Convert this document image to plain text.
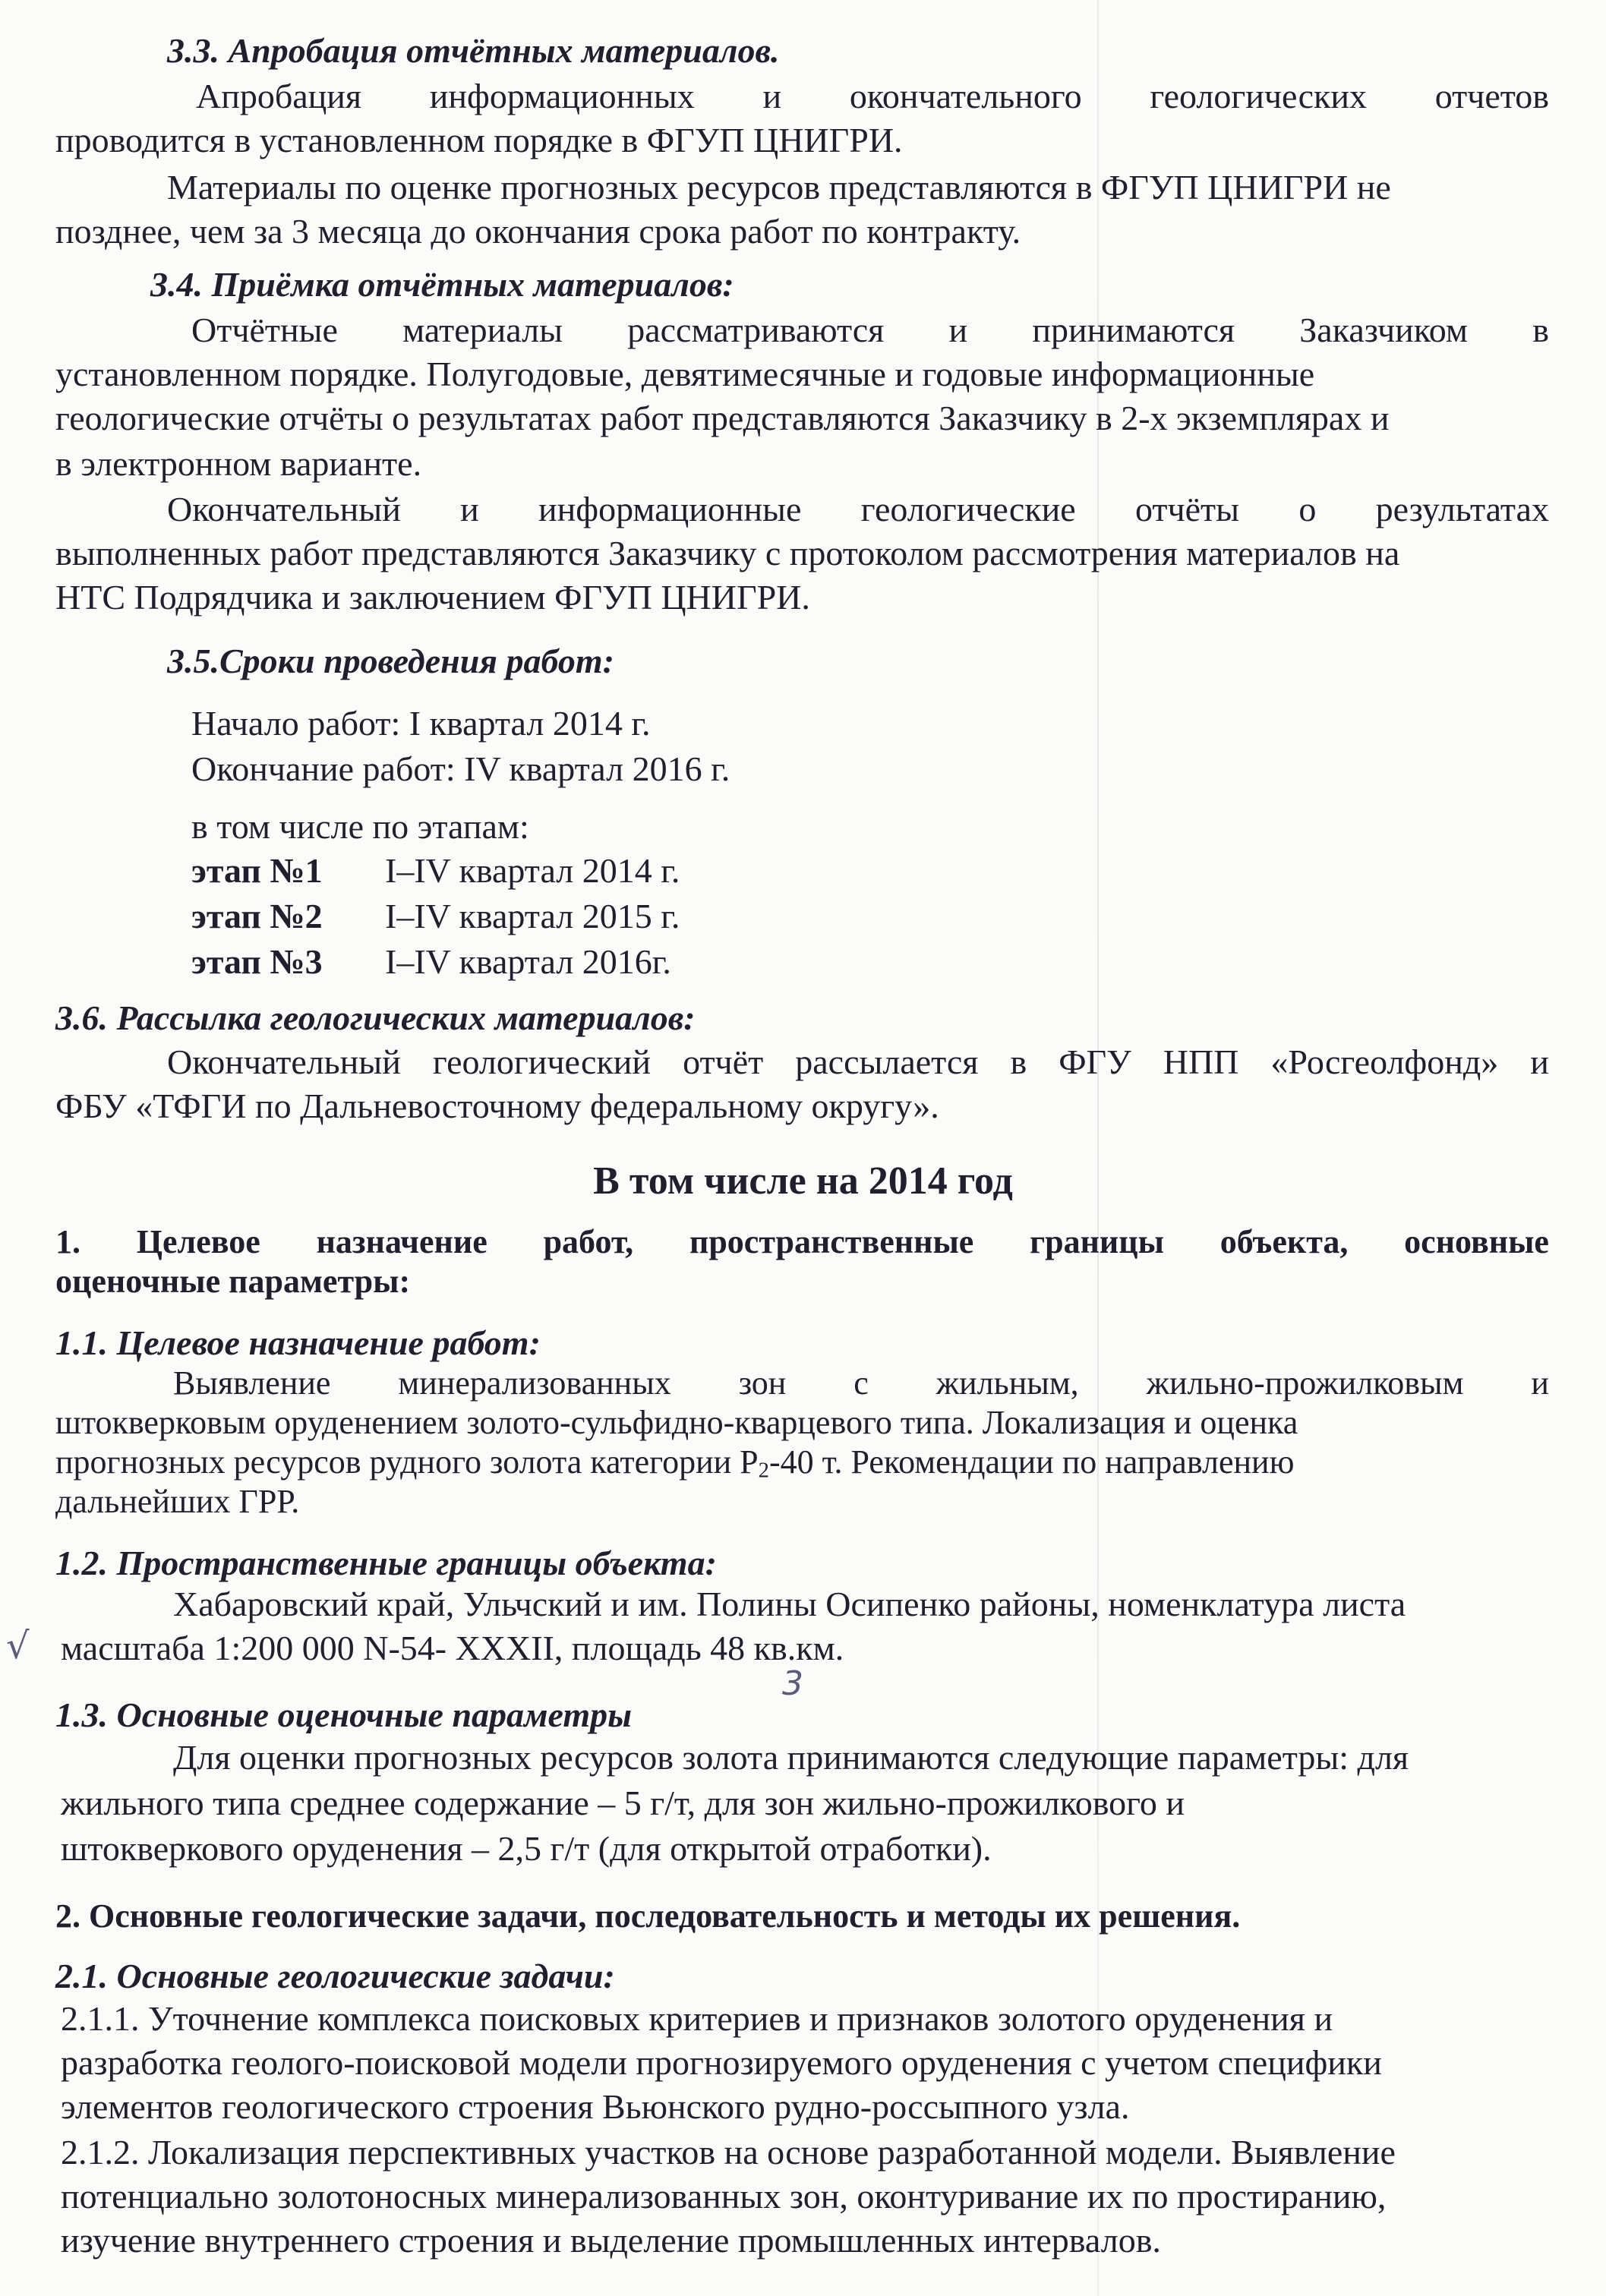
3.3. Апробация отчётных материалов.
Апробация информационных и окончательного геологических отчетов
проводится в установленном порядке в ФГУП ЦНИГРИ.
Материалы по оценке прогнозных ресурсов представляются в ФГУП ЦНИГРИ не
позднее, чем за 3 месяца до окончания срока работ по контракту.
3.4. Приёмка отчётных материалов:
Отчётные материалы рассматриваются и принимаются Заказчиком в
установленном порядке. Полугодовые, девятимесячные и годовые информационные
геологические отчёты о результатах работ представляются Заказчику в 2-х экземплярах и
в электронном варианте.
Окончательный и информационные геологические отчёты о результатах
выполненных работ представляются Заказчику с протоколом рассмотрения материалов на
НТС Подрядчика и заключением ФГУП ЦНИГРИ.
3.5.Сроки проведения работ:
Начало работ: I квартал 2014 г.
Окончание работ: IV квартал 2016 г.
в том числе по этапам:
этап №1 I–IV квартал 2014 г.
этап №2 I–IV квартал 2015 г.
этап №3 I–IV квартал 2016г.
3.6. Рассылка геологических материалов:
Окончательный геологический отчёт рассылается в ФГУ НПП «Росгеолфонд» и
ФБУ «ТФГИ по Дальневосточному федеральному округу».
В том числе на 2014 год
1. Целевое назначение работ, пространственные границы объекта, основные
оценочные параметры:
1.1. Целевое назначение работ:
Выявление минерализованных зон с жильным, жильно-прожилковым и
штокверковым оруденением золото-сульфидно-кварцевого типа. Локализация и оценка
прогнозных ресурсов рудного золота категории Р2-40 т. Рекомендации по направлению
дальнейших ГРР.
1.2. Пространственные границы объекта:
Хабаровский край, Ульчский и им. Полины Осипенко районы, номенклатура листа
масштаба 1:200 000 N-54- XXXII, площадь 48 кв.км.
√
3
1.3. Основные оценочные параметры
Для оценки прогнозных ресурсов золота принимаются следующие параметры: для
жильного типа среднее содержание – 5 г/т, для зон жильно-прожилкового и
штокверкового оруденения – 2,5 г/т (для открытой отработки).
2. Основные геологические задачи, последовательность и методы их решения.
2.1. Основные геологические задачи:
2.1.1. Уточнение комплекса поисковых критериев и признаков золотого оруденения и
разработка геолого-поисковой модели прогнозируемого оруденения с учетом специфики
элементов геологического строения Вьюнского рудно-россыпного узла.
2.1.2. Локализация перспективных участков на основе разработанной модели. Выявление
потенциально золотоносных минерализованных зон, оконтуривание их по простиранию,
изучение внутреннего строения и выделение промышленных интервалов.
